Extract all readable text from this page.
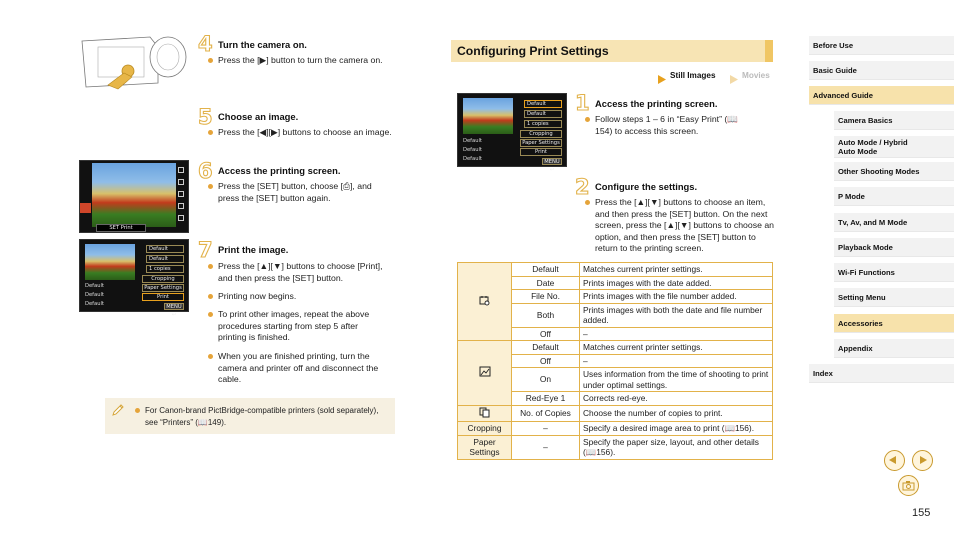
4 Turn the camera on.
Press the [▶] button to turn the camera on.
5 Choose an image.
Press the [◀][▶] buttons to choose an image.
SET Print
6 Access the printing screen.
Press the [SET] button, choose [⎙], and press the [SET] button again.
Default
Default
Default
Default
Default
1 copies
Cropping
Paper Settings
Print
MENU ↩
7 Print the image.
Press the [▲][▼] buttons to choose [Print], and then press the [SET] button.
Printing now begins.
To print other images, repeat the above procedures starting from step 5 after printing is finished.
When you are finished printing, turn the camera and printer off and disconnect the cable.
For Canon-brand PictBridge-compatible printers (sold separately), see “Printers” (📖149).
Configuring Print Settings
Still Images	Movies
Default
Default
Default
Default
Default
1 copies
Cropping
Paper Settings
Print
MENU ↩
1 Access the printing screen.
Follow steps 1 – 6 in “Easy Print” (📖154) to access this screen.
2 Configure the settings.
Press the [▲][▼] buttons to choose an item, and then press the [SET] button. On the next screen, press the [▲][▼] buttons to choose an option, and then press the [SET] button to return to the printing screen.
	Default	Matches current printer settings.
	Date	Prints images with the date added.
	File No.	Prints images with the file number added.
	Both	Prints images with both the date and file number added.
	Off	–
	Default	Matches current printer settings.
	Off	–
	On	Uses information from the time of shooting to print under optimal settings.
	Red-Eye 1	Corrects red-eye.
	No. of Copies	Choose the number of copies to print.
Cropping	–	Specify a desired image area to print (📖156).
Paper Settings	–	Specify the paper size, layout, and other details (📖156).
Before Use
Basic Guide
Advanced Guide
Camera Basics
Auto Mode / Hybrid Auto Mode
Other Shooting Modes
P Mode
Tv, Av, and M Mode
Playback Mode
Wi-Fi Functions
Setting Menu
Accessories
Appendix
Index
155
